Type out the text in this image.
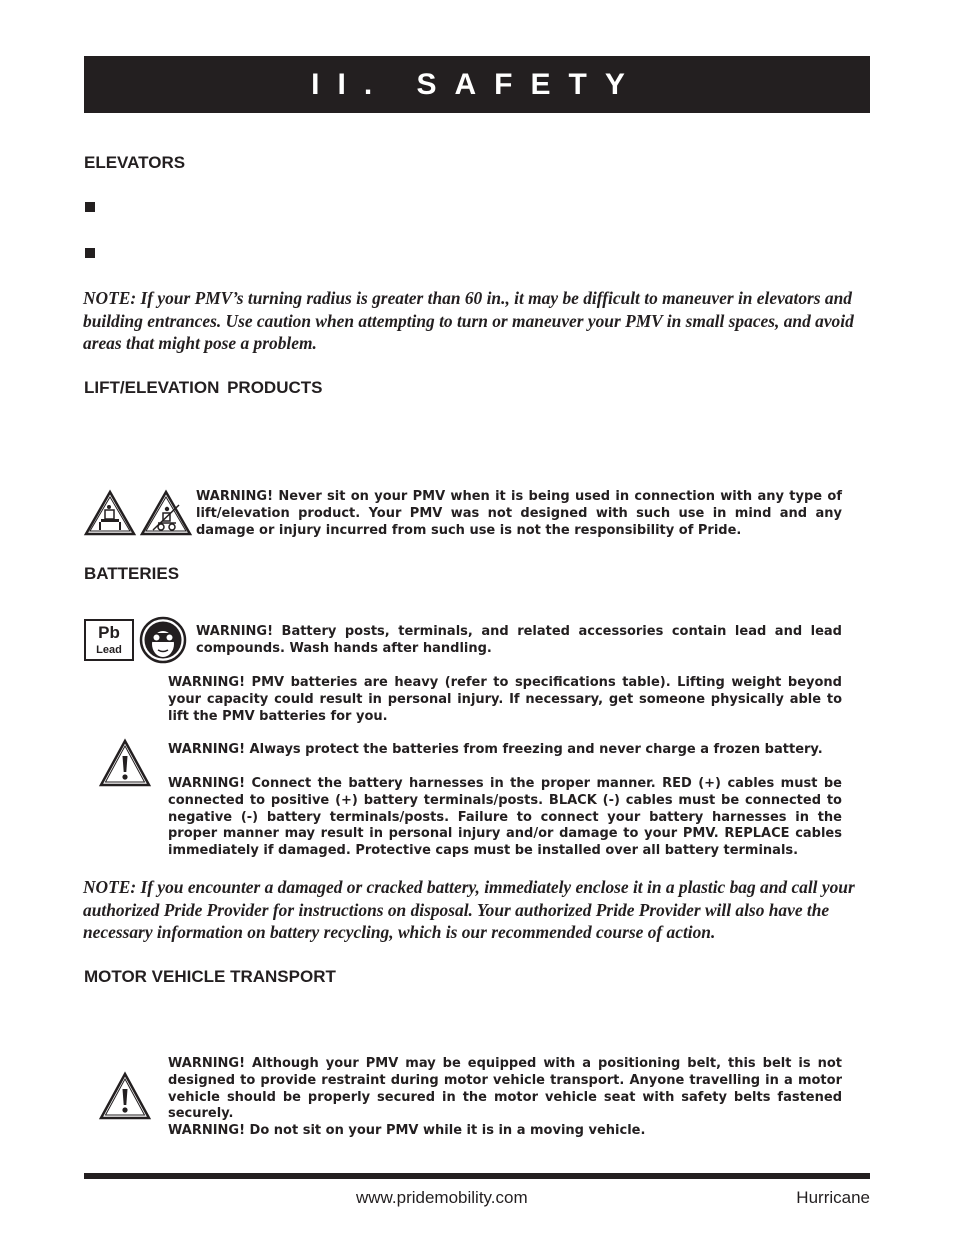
II. SAFETY
ELEVATORS
NOTE: If your PMV’s turning radius is greater than 60 in., it may be difficult to maneuver in elevators and building entrances. Use caution when attempting to turn or maneuver your PMV in small spaces, and avoid areas that might pose a problem.
LIFT/ELEVATION PRODUCTS
WARNING! Never sit on your PMV when it is being used in connection with any type of lift/elevation product. Your PMV was not designed with such use in mind and any damage or injury incurred from such use is not the responsibility of Pride.
BATTERIES
Pb
Lead
WARNING! Battery posts, terminals, and related accessories contain lead and lead compounds. Wash hands after handling.
WARNING! PMV batteries are heavy (refer to specifications table). Lifting weight beyond your capacity could result in personal injury. If necessary, get someone physically able to lift the PMV batteries for you.
WARNING! Always protect the batteries from freezing and never charge a frozen battery.
WARNING! Connect the battery harnesses in the proper manner. RED (+) cables must be connected to positive (+) battery terminals/posts. BLACK (-) cables must be connected to negative (-) battery terminals/posts. Failure to connect your battery harnesses in the proper manner may result in personal injury and/or damage to your PMV. REPLACE cables immediately if damaged. Protective caps must be installed over all battery terminals.
NOTE: If you encounter a damaged or cracked battery, immediately enclose it in a plastic bag and call your authorized Pride Provider for instructions on disposal. Your authorized Pride Provider will also have the necessary information on battery recycling, which is our recommended course of action.
MOTOR VEHICLE TRANSPORT
WARNING! Although your PMV may be equipped with a positioning belt, this belt is not designed to provide restraint during motor vehicle transport. Anyone travelling in a motor vehicle should be properly secured in the motor vehicle seat with safety belts fastened securely.
WARNING! Do not sit on your PMV while it is in a moving vehicle.
www.pridemobility.com	Hurricane
